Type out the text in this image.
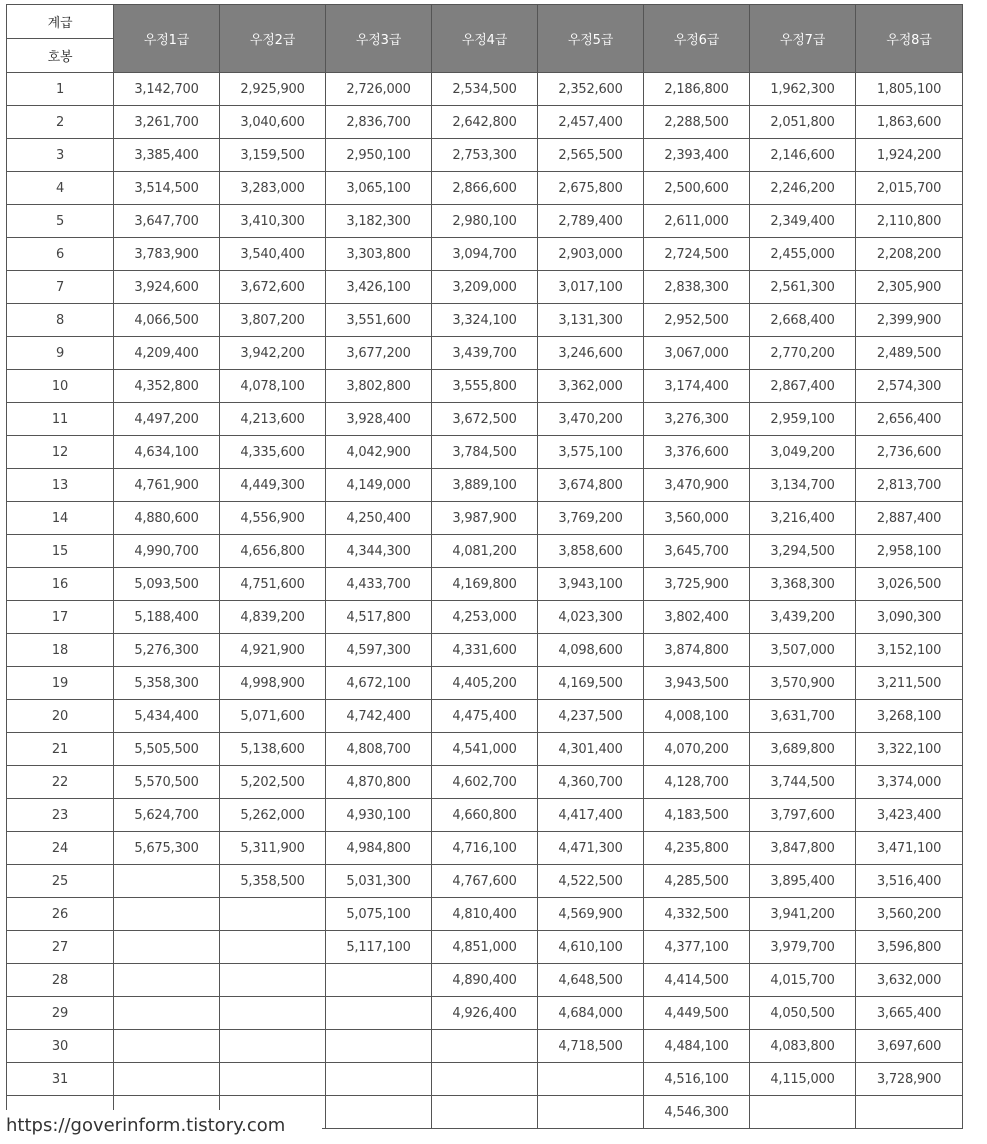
계급	우정1급	우정2급	우정3급	우정4급	우정5급	우정6급	우정7급	우정8급
호봉								
1	3,142,700	2,925,900	2,726,000	2,534,500	2,352,600	2,186,800	1,962,300	1,805,100
2	3,261,700	3,040,600	2,836,700	2,642,800	2,457,400	2,288,500	2,051,800	1,863,600
3	3,385,400	3,159,500	2,950,100	2,753,300	2,565,500	2,393,400	2,146,600	1,924,200
4	3,514,500	3,283,000	3,065,100	2,866,600	2,675,800	2,500,600	2,246,200	2,015,700
5	3,647,700	3,410,300	3,182,300	2,980,100	2,789,400	2,611,000	2,349,400	2,110,800
6	3,783,900	3,540,400	3,303,800	3,094,700	2,903,000	2,724,500	2,455,000	2,208,200
7	3,924,600	3,672,600	3,426,100	3,209,000	3,017,100	2,838,300	2,561,300	2,305,900
8	4,066,500	3,807,200	3,551,600	3,324,100	3,131,300	2,952,500	2,668,400	2,399,900
9	4,209,400	3,942,200	3,677,200	3,439,700	3,246,600	3,067,000	2,770,200	2,489,500
10	4,352,800	4,078,100	3,802,800	3,555,800	3,362,000	3,174,400	2,867,400	2,574,300
11	4,497,200	4,213,600	3,928,400	3,672,500	3,470,200	3,276,300	2,959,100	2,656,400
12	4,634,100	4,335,600	4,042,900	3,784,500	3,575,100	3,376,600	3,049,200	2,736,600
13	4,761,900	4,449,300	4,149,000	3,889,100	3,674,800	3,470,900	3,134,700	2,813,700
14	4,880,600	4,556,900	4,250,400	3,987,900	3,769,200	3,560,000	3,216,400	2,887,400
15	4,990,700	4,656,800	4,344,300	4,081,200	3,858,600	3,645,700	3,294,500	2,958,100
16	5,093,500	4,751,600	4,433,700	4,169,800	3,943,100	3,725,900	3,368,300	3,026,500
17	5,188,400	4,839,200	4,517,800	4,253,000	4,023,300	3,802,400	3,439,200	3,090,300
18	5,276,300	4,921,900	4,597,300	4,331,600	4,098,600	3,874,800	3,507,000	3,152,100
19	5,358,300	4,998,900	4,672,100	4,405,200	4,169,500	3,943,500	3,570,900	3,211,500
20	5,434,400	5,071,600	4,742,400	4,475,400	4,237,500	4,008,100	3,631,700	3,268,100
21	5,505,500	5,138,600	4,808,700	4,541,000	4,301,400	4,070,200	3,689,800	3,322,100
22	5,570,500	5,202,500	4,870,800	4,602,700	4,360,700	4,128,700	3,744,500	3,374,000
23	5,624,700	5,262,000	4,930,100	4,660,800	4,417,400	4,183,500	3,797,600	3,423,400
24	5,675,300	5,311,900	4,984,800	4,716,100	4,471,300	4,235,800	3,847,800	3,471,100
25		5,358,500	5,031,300	4,767,600	4,522,500	4,285,500	3,895,400	3,516,400
26			5,075,100	4,810,400	4,569,900	4,332,500	3,941,200	3,560,200
27			5,117,100	4,851,000	4,610,100	4,377,100	3,979,700	3,596,800
28				4,890,400	4,648,500	4,414,500	4,015,700	3,632,000
29				4,926,400	4,684,000	4,449,500	4,050,500	3,665,400
30					4,718,500	4,484,100	4,083,800	3,697,600
31						4,516,100	4,115,000	3,728,900
						4,546,300		
https://goverinform.tistory.com
